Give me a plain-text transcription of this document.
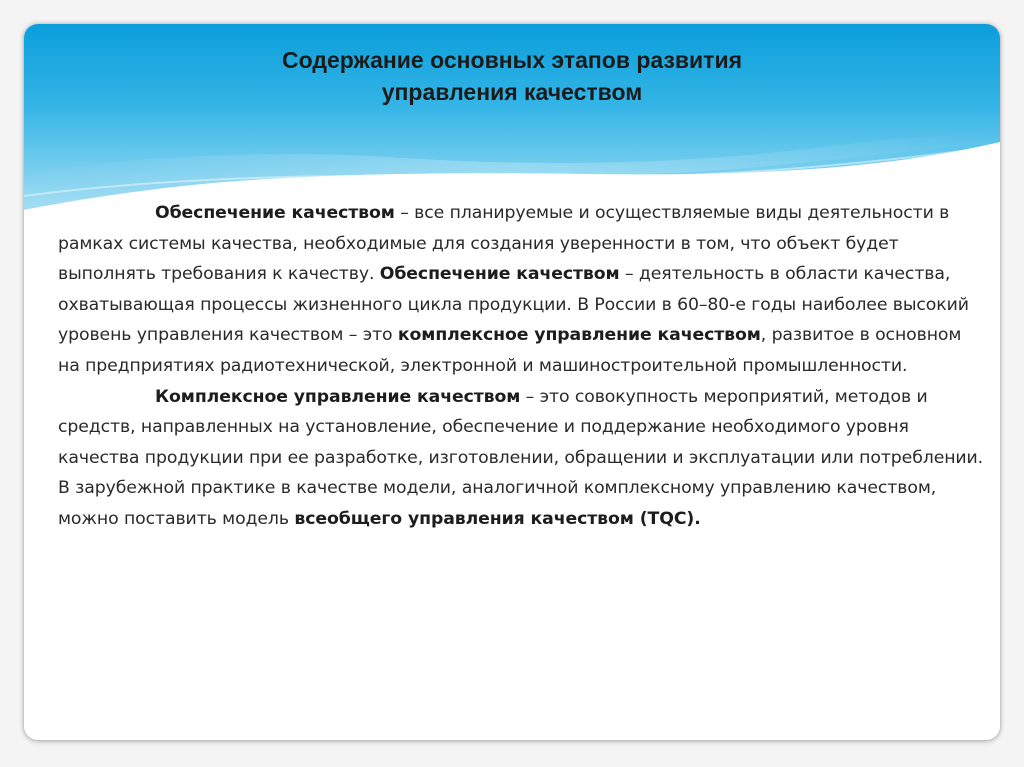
Содержание основных этапов развития
управления качеством

Обеспечение качеством – все планируемые и осуществляемые виды деятельности в рамках системы качества, необходимые для создания уверенности в том, что объект будет выполнять требования к качеству. Обеспечение качеством – деятельность в области качества, охватывающая процессы жизненного цикла продукции. В России в 60–80-е годы наиболее высокий уровень управления качеством – это комплексное управление качеством, развитое в основном на предприятиях радиотехнической, электронной и машиностроительной промышленности.

Комплексное управление качеством – это совокупность мероприятий, методов и средств, направленных на установление, обеспечение и поддержание необходимого уровня качества продукции при ее разработке, изготовлении, обращении и эксплуатации или потреблении. В зарубежной практике в качестве модели, аналогичной комплексному управлению качеством, можно поставить модель всеобщего управления качеством (TQC).
